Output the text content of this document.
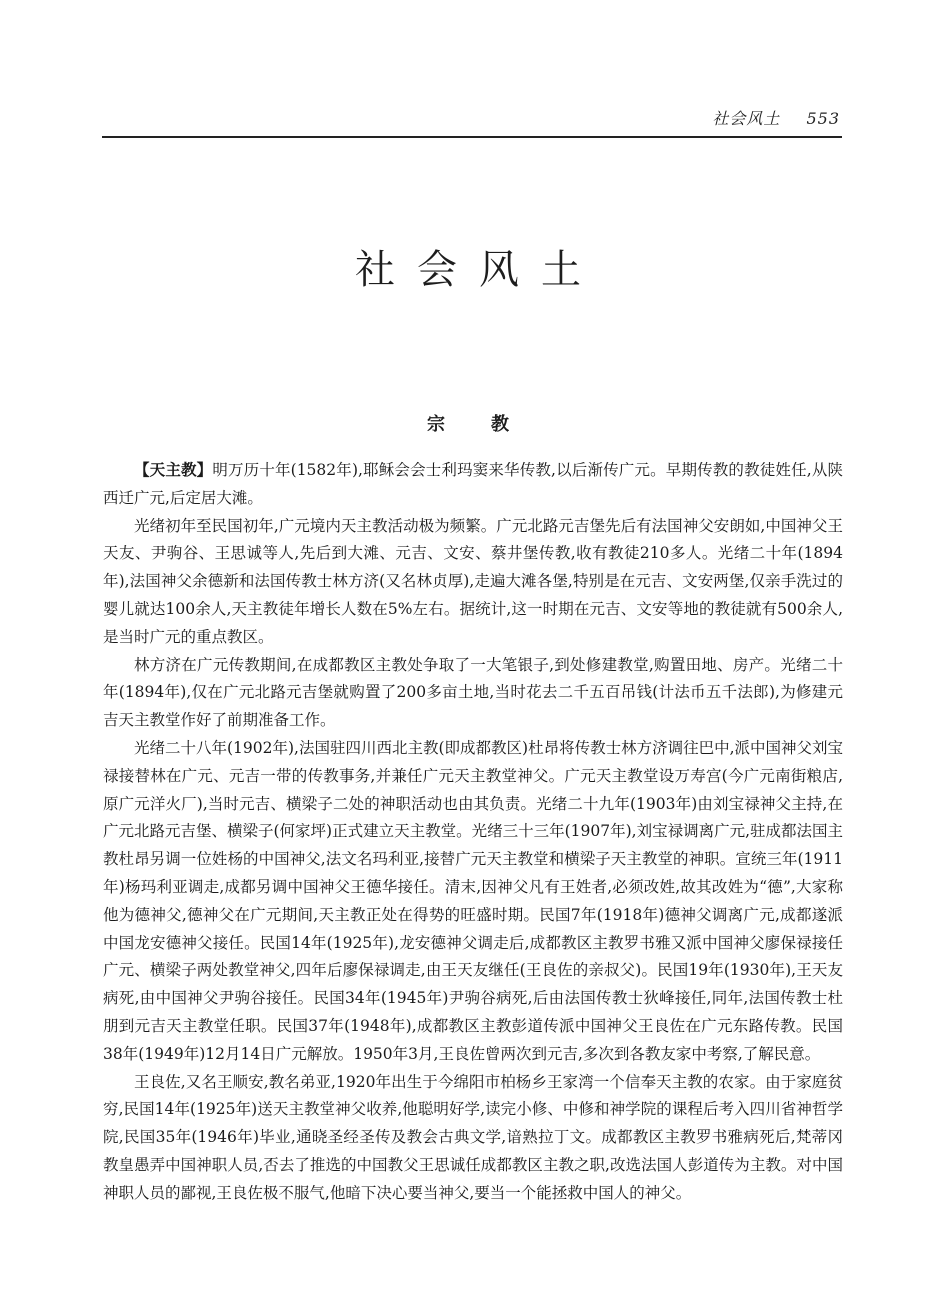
社会风土 553
社会风土
宗教

【天主教】明万历十年(1582年),耶稣会会士利玛窦来华传教,以后渐传广元。早期传教的教徒姓任,从陕西迁广元,后定居大滩。

光绪初年至民国初年,广元境内天主教活动极为频繁。广元北路元吉堡先后有法国神父安朗如,中国神父王天友、尹驹谷、王思诚等人,先后到大滩、元吉、文安、蔡井堡传教,收有教徒210多人。光绪二十年(1894年),法国神父余德新和法国传教士林方济(又名林贞厚),走遍大滩各堡,特别是在元吉、文安两堡,仅亲手洗过的婴儿就达100余人,天主教徒年增长人数在5%左右。据统计,这一时期在元吉、文安等地的教徒就有500余人,是当时广元的重点教区。

林方济在广元传教期间,在成都教区主教处争取了一大笔银子,到处修建教堂,购置田地、房产。光绪二十年(1894年),仅在广元北路元吉堡就购置了200多亩土地,当时花去二千五百吊钱(计法币五千法郎),为修建元吉天主教堂作好了前期准备工作。

光绪二十八年(1902年),法国驻四川西北主教(即成都教区)杜昂将传教士林方济调往巴中,派中国神父刘宝禄接替林在广元、元吉一带的传教事务,并兼任广元天主教堂神父。广元天主教堂设万寿宫(今广元南街粮店,原广元洋火厂),当时元吉、横梁子二处的神职活动也由其负责。光绪二十九年(1903年)由刘宝禄神父主持,在广元北路元吉堡、横梁子(何家坪)正式建立天主教堂。光绪三十三年(1907年),刘宝禄调离广元,驻成都法国主教杜昂另调一位姓杨的中国神父,法文名玛利亚,接替广元天主教堂和横梁子天主教堂的神职。宣统三年(1911年)杨玛利亚调走,成都另调中国神父王德华接任。清末,因神父凡有王姓者,必须改姓,故其改姓为“德”,大家称他为德神父,德神父在广元期间,天主教正处在得势的旺盛时期。民国7年(1918年)德神父调离广元,成都遂派中国龙安德神父接任。民国14年(1925年),龙安德神父调走后,成都教区主教罗书雅又派中国神父廖保禄接任广元、横梁子两处教堂神父,四年后廖保禄调走,由王天友继任(王良佐的亲叔父)。民国19年(1930年),王天友病死,由中国神父尹驹谷接任。民国34年(1945年)尹驹谷病死,后由法国传教士狄峰接任,同年,法国传教士杜朋到元吉天主教堂任职。民国37年(1948年),成都教区主教彭道传派中国神父王良佐在广元东路传教。民国38年(1949年)12月14日广元解放。1950年3月,王良佐曾两次到元吉,多次到各教友家中考察,了解民意。

王良佐,又名王顺安,教名弟亚,1920年出生于今绵阳市柏杨乡王家湾一个信奉天主教的农家。由于家庭贫穷,民国14年(1925年)送天主教堂神父收养,他聪明好学,读完小修、中修和神学院的课程后考入四川省神哲学院,民国35年(1946年)毕业,通晓圣经圣传及教会古典文学,谙熟拉丁文。成都教区主教罗书雅病死后,梵蒂冈教皇愚弄中国神职人员,否去了推选的中国教父王思诚任成都教区主教之职,改选法国人彭道传为主教。对中国神职人员的鄙视,王良佐极不服气,他暗下决心要当神父,要当一个能拯救中国人的神父。
